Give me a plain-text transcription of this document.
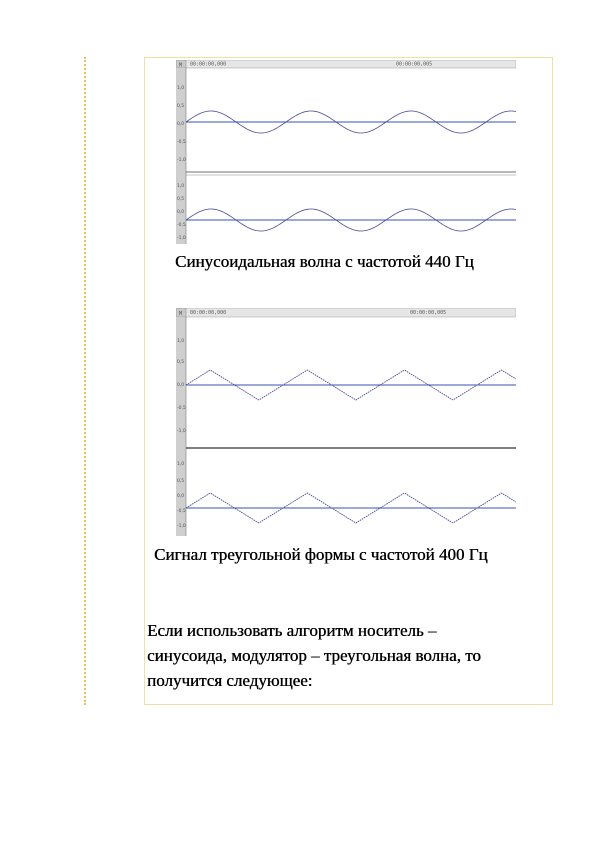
M 00:00:00,000	00:00:00,005
1,0
0,5
0,0
-0,5
-1,0
1,0
0,5
0,0
-0,5
-1,0
Синусоидальная волна с частотой 440 Гц
M 00:00:00,000	00:00:00,005
1,0
0,5
0,0
-0,5
-1,0
1,0
0,5
0,0
-0,5
-1,0
Сигнал треугольной формы с частотой 400 Гц
Если использовать алгоритм носитель –
синусоида, модулятор – треугольная волна, то
получится следующее:
